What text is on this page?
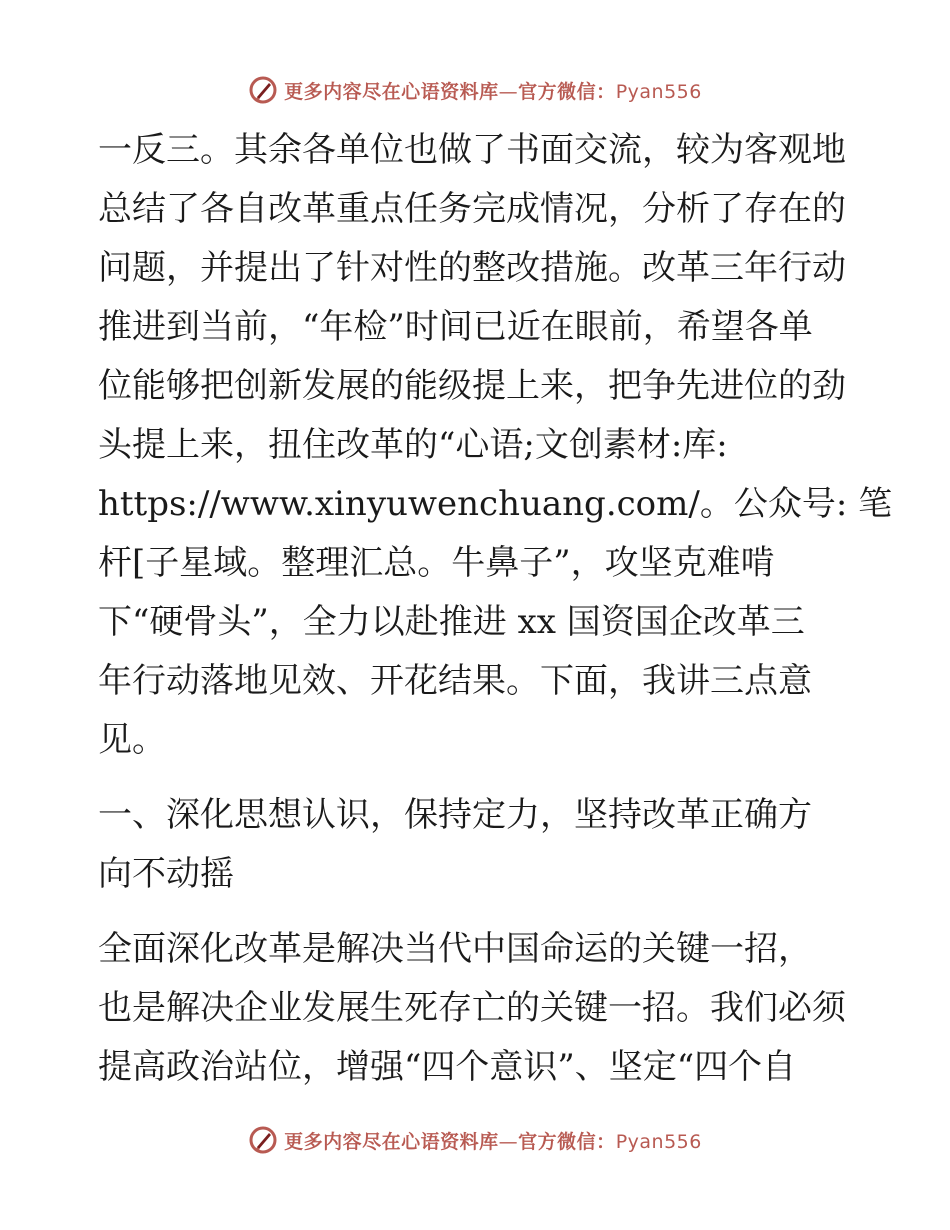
更多内容尽在心语资料库—官方微信：Pyan556
一反三。其余各单位也做了书面交流，较为客观地
总结了各自改革重点任务完成情况，分析了存在的
问题，并提出了针对性的整改措施。改革三年行动
推进到当前，“年检”时间已近在眼前，希望各单
位能够把创新发展的能级提上来，把争先进位的劲
头提上来，扭住改革的“心语;文创素材:库:
https://www.xinyuwenchuang.com/。公众号: 笔
杆[子星域。整理汇总。牛鼻子”，攻坚克难啃
下“硬骨头”，全力以赴推进 xx 国资国企改革三
年行动落地见效、开花结果。下面，我讲三点意
见。
一、深化思想认识，保持定力，坚持改革正确方
向不动摇
全面深化改革是解决当代中国命运的关键一招，
也是解决企业发展生死存亡的关键一招。我们必须
提高政治站位，增强“四个意识”、坚定“四个自
更多内容尽在心语资料库—官方微信：Pyan556
